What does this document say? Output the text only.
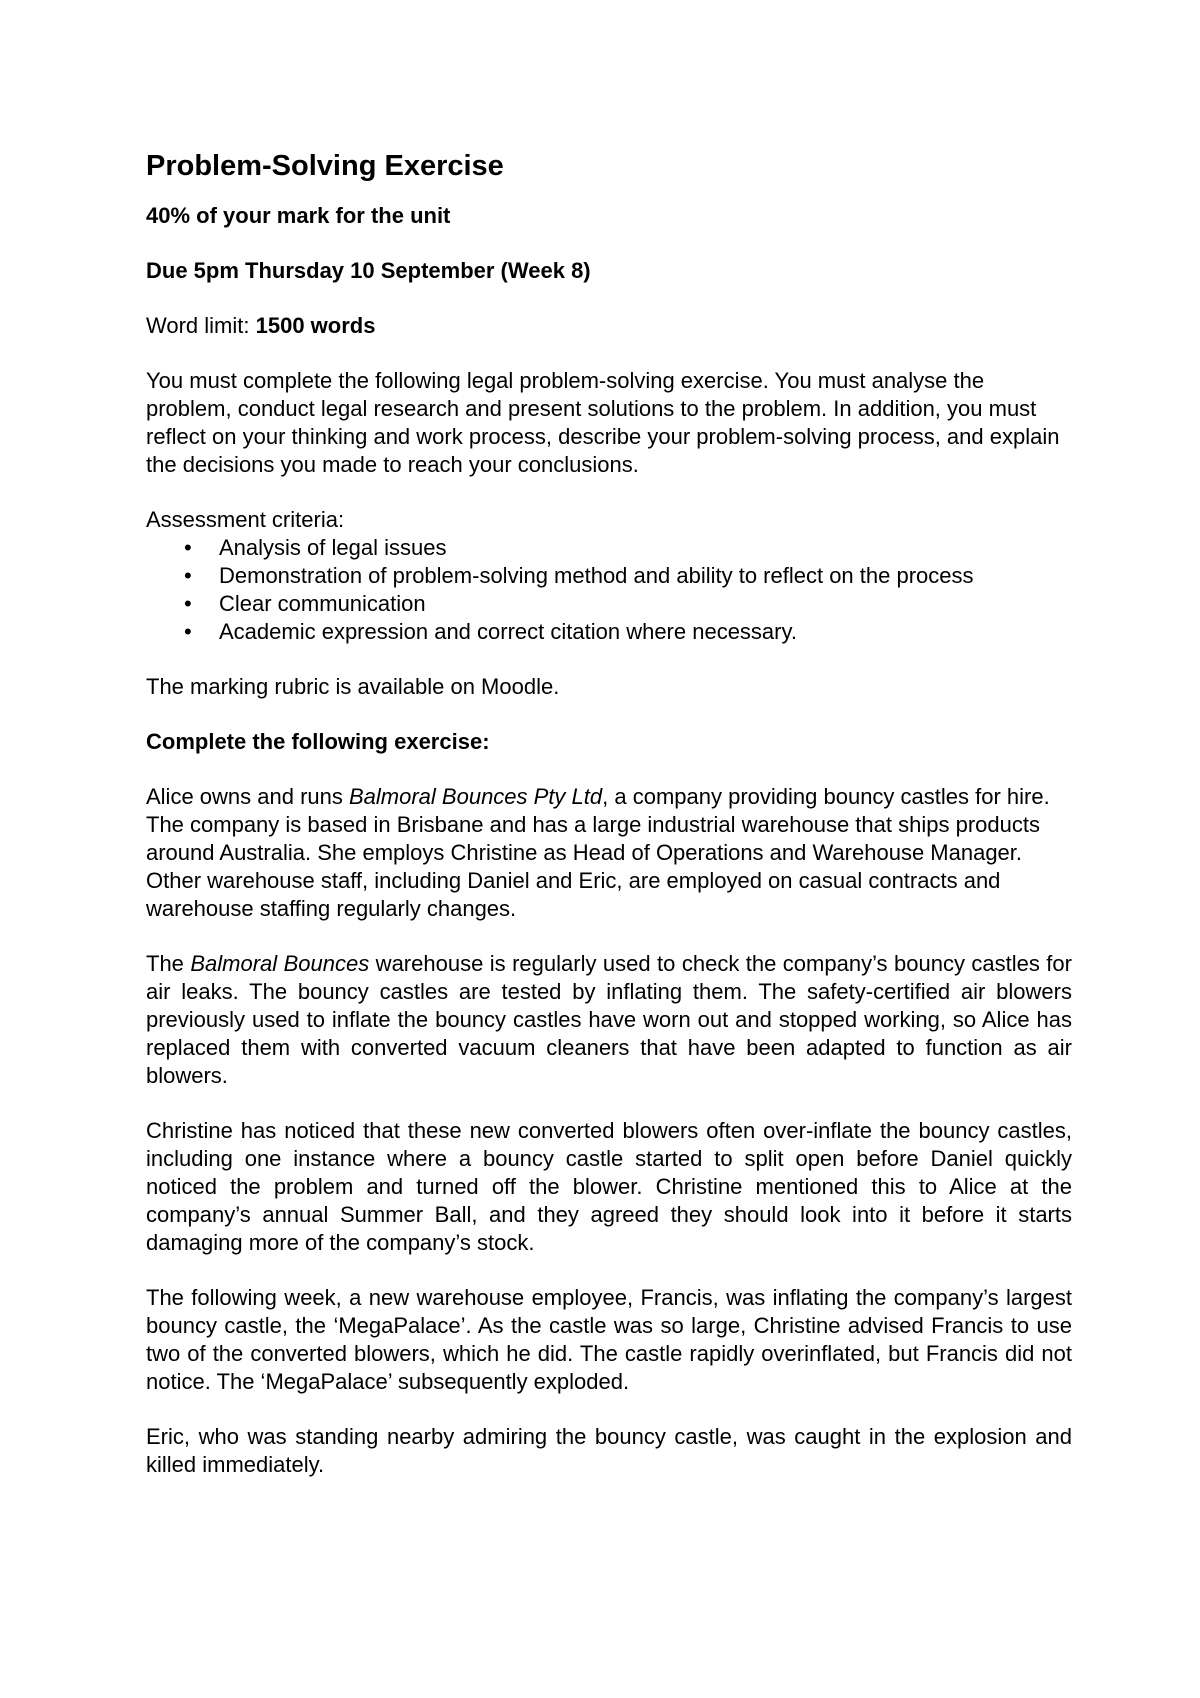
Problem-Solving Exercise
40% of your mark for the unit
Due 5pm Thursday 10 September (Week 8)
Word limit: 1500 words
You must complete the following legal problem-solving exercise. You must analyse the problem, conduct legal research and present solutions to the problem. In addition, you must reflect on your thinking and work process, describe your problem-solving process, and explain the decisions you made to reach your conclusions.
Assessment criteria:
• Analysis of legal issues
• Demonstration of problem-solving method and ability to reflect on the process
• Clear communication
• Academic expression and correct citation where necessary.
The marking rubric is available on Moodle.
Complete the following exercise:
Alice owns and runs Balmoral Bounces Pty Ltd, a company providing bouncy castles for hire. The company is based in Brisbane and has a large industrial warehouse that ships products around Australia. She employs Christine as Head of Operations and Warehouse Manager. Other warehouse staff, including Daniel and Eric, are employed on casual contracts and warehouse staffing regularly changes.
The Balmoral Bounces warehouse is regularly used to check the company’s bouncy castles for air leaks. The bouncy castles are tested by inflating them. The safety-certified air blowers previously used to inflate the bouncy castles have worn out and stopped working, so Alice has replaced them with converted vacuum cleaners that have been adapted to function as air blowers.
Christine has noticed that these new converted blowers often over-inflate the bouncy castles, including one instance where a bouncy castle started to split open before Daniel quickly noticed the problem and turned off the blower. Christine mentioned this to Alice at the company’s annual Summer Ball, and they agreed they should look into it before it starts damaging more of the company’s stock.
The following week, a new warehouse employee, Francis, was inflating the company’s largest bouncy castle, the ‘MegaPalace’. As the castle was so large, Christine advised Francis to use two of the converted blowers, which he did. The castle rapidly overinflated, but Francis did not notice. The ‘MegaPalace’ subsequently exploded.
Eric, who was standing nearby admiring the bouncy castle, was caught in the explosion and killed immediately.
